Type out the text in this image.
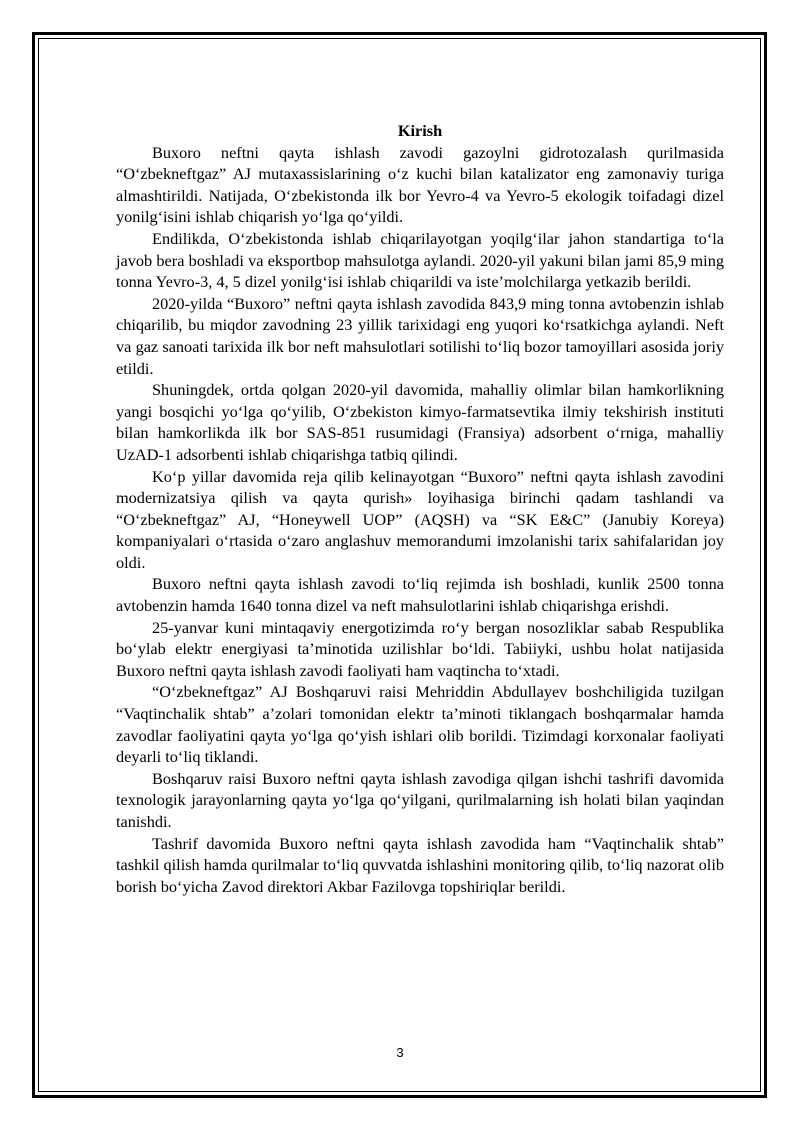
Kirish

Buxoro neftni qayta ishlash zavodi gazoylni gidrotozalash qurilmasida “O‘zbekneftgaz” AJ mutaxassislarining o‘z kuchi bilan katalizator eng zamonaviy turiga almashtirildi. Natijada, O‘zbekistonda ilk bor Yevro-4 va Yevro-5 ekologik toifadagi dizel yonilg‘isini ishlab chiqarish yo‘lga qo‘yildi.

Endilikda, O‘zbekistonda ishlab chiqarilayotgan yoqilg‘ilar jahon standartiga to‘la javob bera boshladi va eksportbop mahsulotga aylandi. 2020-yil yakuni bilan jami 85,9 ming tonna Yevro-3, 4, 5 dizel yonilg‘isi ishlab chiqarildi va iste’molchilarga yetkazib berildi.

2020-yilda “Buxoro” neftni qayta ishlash zavodida 843,9 ming tonna avtobenzin ishlab chiqarilib, bu miqdor zavodning 23 yillik tarixidagi eng yuqori ko‘rsatkichga aylandi. Neft va gaz sanoati tarixida ilk bor neft mahsulotlari sotilishi to‘liq bozor tamoyillari asosida joriy etildi.

Shuningdek, ortda qolgan 2020-yil davomida, mahalliy olimlar bilan hamkorlikning yangi bosqichi yo‘lga qo‘yilib, O‘zbekiston kimyo-farmatsevtika ilmiy tekshirish instituti bilan hamkorlikda ilk bor SAS-851 rusumidagi (Fransiya) adsorbent o‘rniga, mahalliy UzAD-1 adsorbenti ishlab chiqarishga tatbiq qilindi.

Ko‘p yillar davomida reja qilib kelinayotgan “Buxoro” neftni qayta ishlash zavodini modernizatsiya qilish va qayta qurish» loyihasiga birinchi qadam tashlandi va “O‘zbekneftgaz” AJ, “Honeywell UOP” (AQSH) va “SK E&C” (Janubiy Koreya) kompaniyalari o‘rtasida o‘zaro anglashuv memorandumi imzolanishi tarix sahifalaridan joy oldi.

Buxoro neftni qayta ishlash zavodi to‘liq rejimda ish boshladi, kunlik 2500 tonna avtobenzin hamda 1640 tonna dizel va neft mahsulotlarini ishlab chiqarishga erishdi.

25-yanvar kuni mintaqaviy energotizimda ro‘y bergan nosozliklar sabab Respublika bo‘ylab elektr energiyasi ta’minotida uzilishlar bo‘ldi. Tabiiyki, ushbu holat natijasida Buxoro neftni qayta ishlash zavodi faoliyati ham vaqtincha to‘xtadi.

“O‘zbekneftgaz” AJ Boshqaruvi raisi Mehriddin Abdullayev boshchiligida tuzilgan “Vaqtinchalik shtab” a’zolari tomonidan elektr ta’minoti tiklangach boshqarmalar hamda zavodlar faoliyatini qayta yo‘lga qo‘yish ishlari olib borildi. Tizimdagi korxonalar faoliyati deyarli to‘liq tiklandi.

Boshqaruv raisi Buxoro neftni qayta ishlash zavodiga qilgan ishchi tashrifi davomida texnologik jarayonlarning qayta yo‘lga qo‘yilgani, qurilmalarning ish holati bilan yaqindan tanishdi.

Tashrif davomida Buxoro neftni qayta ishlash zavodida ham “Vaqtinchalik shtab” tashkil qilish hamda qurilmalar to‘liq quvvatda ishlashini monitoring qilib, to‘liq nazorat olib borish bo‘yicha Zavod direktori Akbar Fazilovga topshiriqlar berildi.

3
